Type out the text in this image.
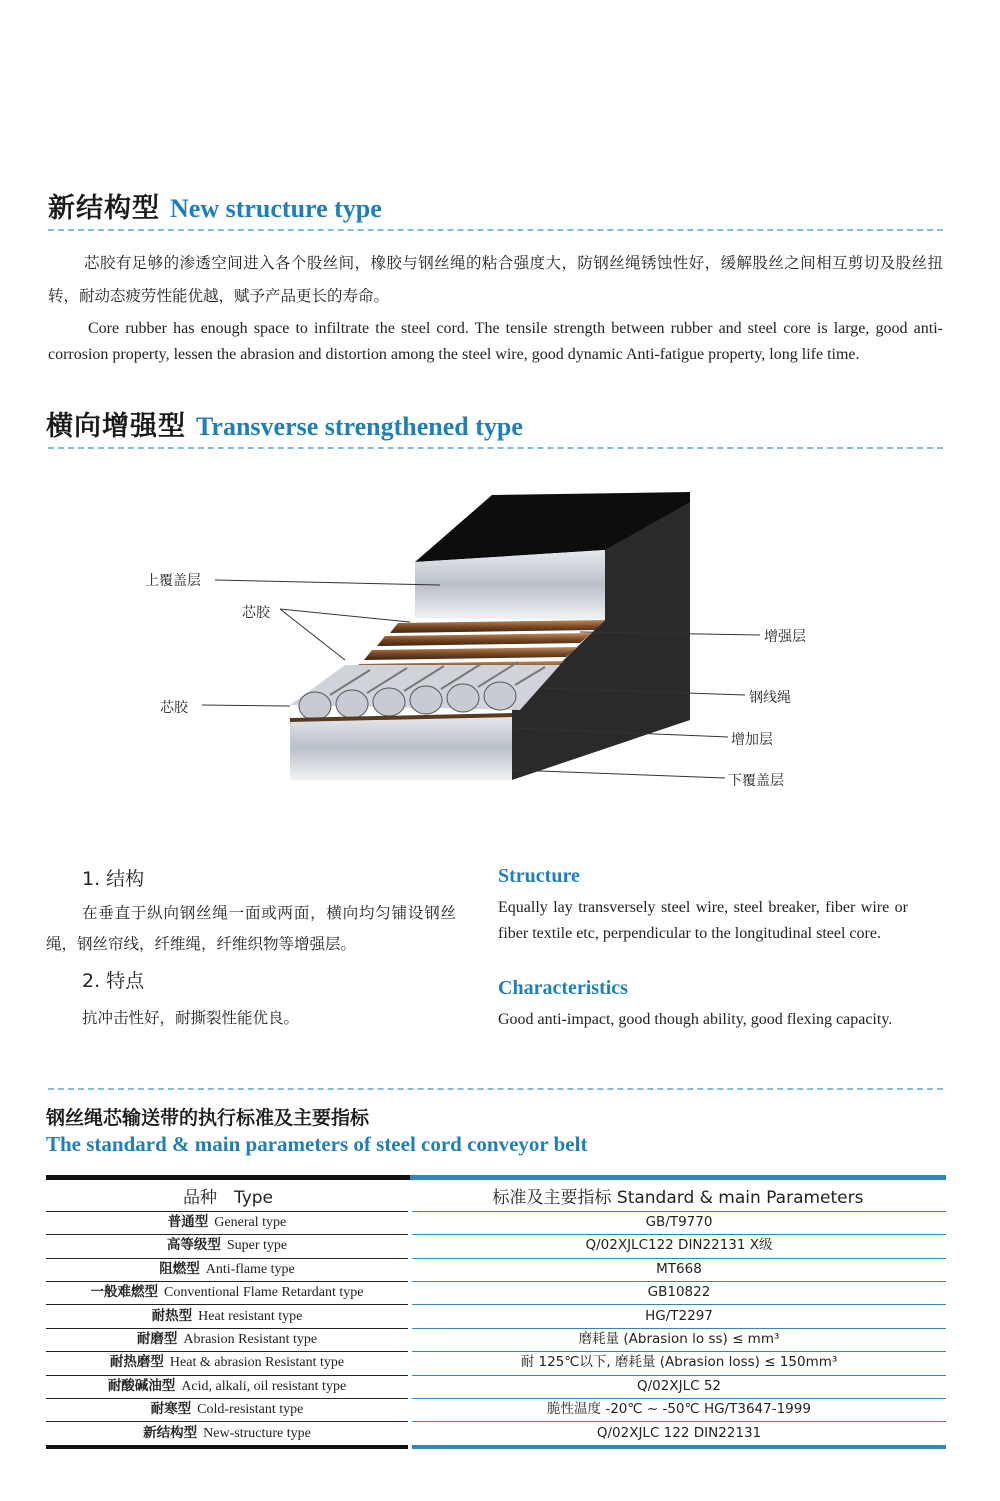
新结构型 New structure type
芯胶有足够的渗透空间进入各个股丝间，橡胶与钢丝绳的粘合强度大，防钢丝绳锈蚀性好，缓解股丝之间相互剪切及股丝扭转，耐动态疲劳性能优越，赋予产品更长的寿命。
Core rubber has enough space to infiltrate the steel cord. The tensile strength between rubber and steel core is large, good anti-corrosion property, lessen the abrasion and distortion among the steel wire, good dynamic Anti-fatigue property, long life time.
横向增强型 Transverse strengthened type
上覆盖层
芯胶
芯胶
增强层
钢线绳
增加层
下覆盖层
1. 结构
在垂直于纵向钢丝绳一面或两面，横向均匀铺设钢丝绳，钢丝帘线，纤维绳，纤维织物等增强层。
2. 特点
抗冲击性好，耐撕裂性能优良。
Structure
Equally lay transversely steel wire, steel breaker, fiber wire or fiber textile etc, perpendicular to the longitudinal steel core.
Characteristics
Good anti-impact, good though ability, good flexing capacity.
钢丝绳芯输送带的执行标准及主要指标
The standard & main parameters of steel cord conveyor belt
品种　Type	标准及主要指标 Standard & main Parameters
普通型 General type	GB/T9770
高等级型 Super type	Q/02XJLC122 DIN22131 X级
阻燃型 Anti-flame type	MT668
一般难燃型 Conventional Flame Retardant type	GB10822
耐热型 Heat resistant type	HG/T2297
耐磨型 Abrasion Resistant type	磨耗量 (Abrasion lo ss) ≤ mm³
耐热磨型 Heat & abrasion Resistant type	耐 125℃以下, 磨耗量 (Abrasion loss) ≤ 150mm³
耐酸碱油型 Acid, alkali, oil resistant type	Q/02XJLC 52
耐寒型 Cold-resistant type	脆性温度 -20℃ ~ -50℃ HG/T3647-1999
新结构型 New-structure type	Q/02XJLC 122 DIN22131
